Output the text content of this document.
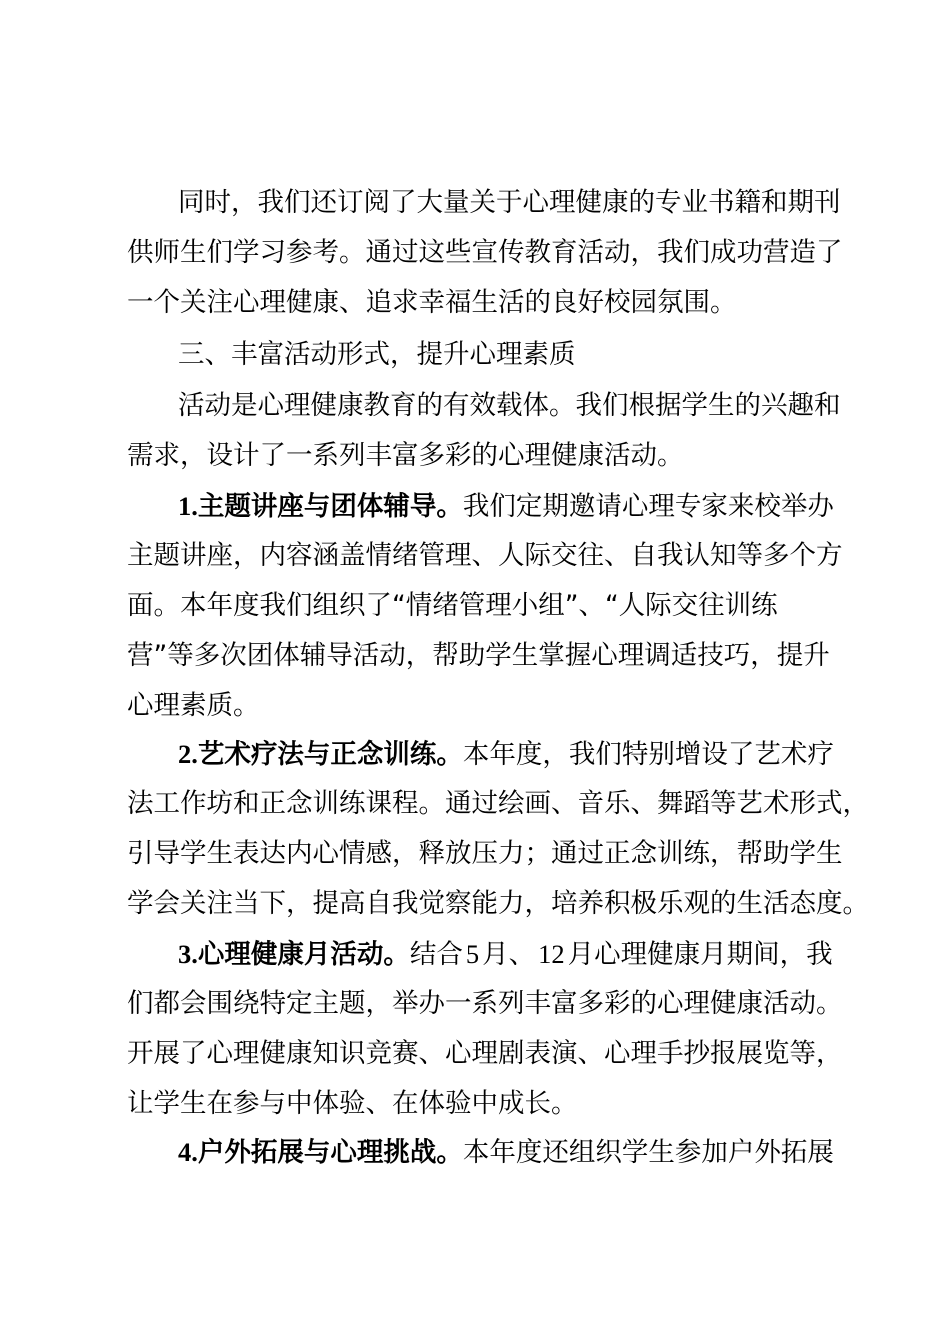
同时，我们还订阅了大量关于心理健康的专业书籍和期刊
供师生们学习参考。通过这些宣传教育活动，我们成功营造了
一个关注心理健康、追求幸福生活的良好校园氛围。
三、丰富活动形式，提升心理素质
活动是心理健康教育的有效载体。我们根据学生的兴趣和
需求，设计了一系列丰富多彩的心理健康活动。
1.主题讲座与团体辅导。我们定期邀请心理专家来校举办
主题讲座，内容涵盖情绪管理、人际交往、自我认知等多个方
面。本年度我们组织了“情绪管理小组”、“人际交往训练
营”等多次团体辅导活动，帮助学生掌握心理调适技巧，提升
心理素质。
2.艺术疗法与正念训练。本年度，我们特别增设了艺术疗
法工作坊和正念训练课程。通过绘画、音乐、舞蹈等艺术形式，
引导学生表达内心情感，释放压力；通过正念训练，帮助学生
学会关注当下，提高自我觉察能力，培养积极乐观的生活态度。
3.心理健康月活动。结合 5 月、 12 月心理健康月期间，我
们都会围绕特定主题，举办一系列丰富多彩的心理健康活动。
开展了心理健康知识竞赛、心理剧表演、心理手抄报展览等，
让学生在参与中体验、在体验中成长。
4.户外拓展与心理挑战。本年度还组织学生参加户外拓展
